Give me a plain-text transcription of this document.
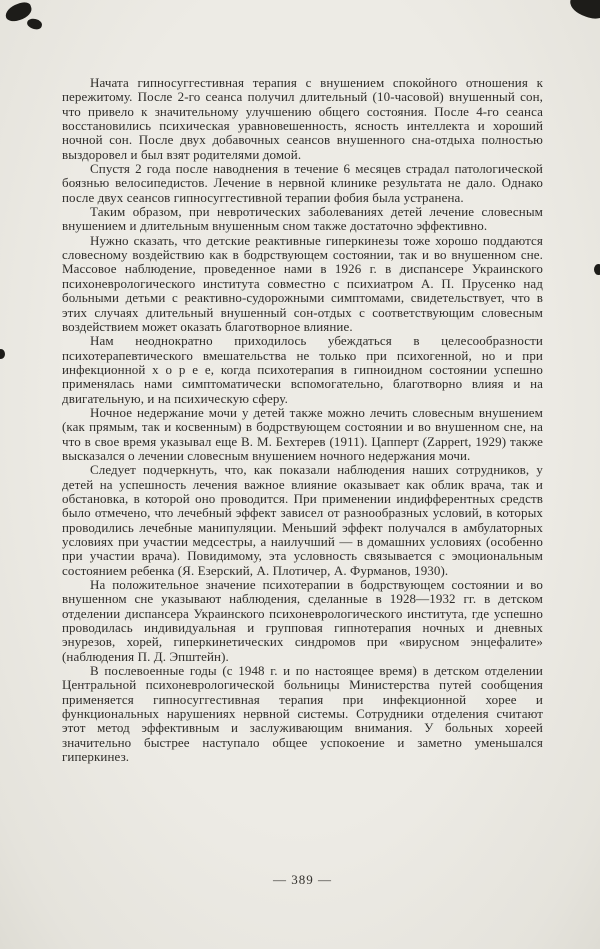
Начата гипносуггестивная терапия с внушением спокойного отношения к пережитому. После 2-го сеанса получил длительный (10-часовой) внушенный сон, что привело к значительному улучшению общего состояния. После 4-го сеанса восстановились психическая уравновешенность, ясность интеллекта и хороший ночной сон. После двух добавочных сеансов внушенного сна-отдыха полностью выздоровел и был взят родителями домой.

Спустя 2 года после наводнения в течение 6 месяцев страдал патологической боязнью велосипедистов. Лечение в нервной клинике результата не дало. Однако после двух сеансов гипносуггестивной терапии фобия была устранена.

Таким образом, при невротических заболеваниях детей лечение словесным внушением и длительным внушенным сном также достаточно эффективно.

Нужно сказать, что детские реактивные гиперкинезы тоже хорошо поддаются словесному воздействию как в бодрствующем состоянии, так и во внушенном сне. Массовое наблюдение, проведенное нами в 1926 г. в диспансере Украинского психоневрологического института совместно с психиатром А. П. Прусенко над больными детьми с реактивно-судорожными симптомами, свидетельствует, что в этих случаях длительный внушенный сон-отдых с соответствующим словесным воздействием может оказать благотворное влияние.

Нам неоднократно приходилось убеждаться в целесообразности психотерапевтического вмешательства не только при психогенной, но и при инфекционной х о р е е, когда психотерапия в гипноидном состоянии успешно применялась нами симптоматически вспомогательно, благотворно влияя и на двигательную, и на психическую сферу.

Ночное недержание мочи у детей также можно лечить словесным внушением (как прямым, так и косвенным) в бодрствующем состоянии и во внушенном сне, на что в свое время указывал еще В. М. Бехтерев (1911). Цапперт (Zappert, 1929) также высказался о лечении словесным внушением ночного недержания мочи.

Следует подчеркнуть, что, как показали наблюдения наших сотрудников, у детей на успешность лечения важное влияние оказывает как облик врача, так и обстановка, в которой оно проводится. При применении индифферентных средств было отмечено, что лечебный эффект зависел от разнообразных условий, в которых проводились лечебные манипуляции. Меньший эффект получался в амбулаторных условиях при участии медсестры, а наилучший — в домашних условиях (особенно при участии врача). Повидимому, эта условность связывается с эмоциональным состоянием ребенка (Я. Езерский, А. Плотичер, А. Фурманов, 1930).

На положительное значение психотерапии в бодрствующем состоянии и во внушенном сне указывают наблюдения, сделанные в 1928—1932 гг. в детском отделении диспансера Украинского психоневрологического института, где успешно проводилась индивидуальная и групповая гипнотерапия ночных и дневных энурезов, хорей, гиперкинетических синдромов при «вирусном энцефалите» (наблюдения П. Д. Эпштейн).

В послевоенные годы (с 1948 г. и по настоящее время) в детском отделении Центральной психоневрологической больницы Министерства путей сообщения применяется гипносуггестивная терапия при инфекционной хорее и функциональных нарушениях нервной системы. Сотрудники отделения считают этот метод эффективным и заслуживающим внимания. У больных хореей значительно быстрее наступало общее успокоение и заметно уменьшался гиперкинез.

— 389 —
